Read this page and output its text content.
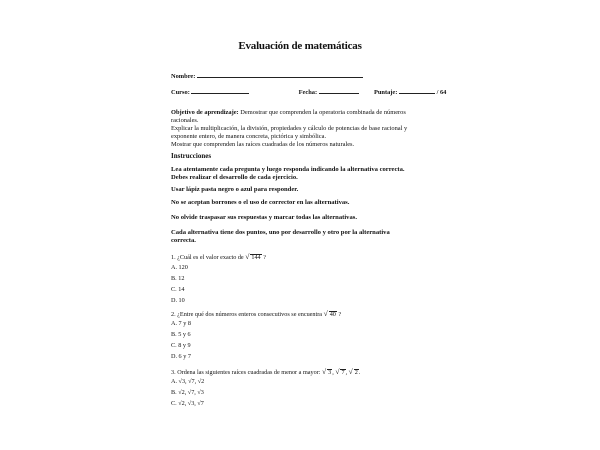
Evaluación de matemáticas
Nombre:
Curso:	Fecha:	Puntaje:	/ 64
Objetivo de aprendizaje: Demostrar que comprenden la operatoria combinada de números
racionales.
Explicar la multiplicación, la división, propiedades y cálculo de potencias de base racional y
exponente entero, de manera concreta, pictórica y simbólica.
Mostrar que comprenden las raíces cuadradas de los números naturales.
Instrucciones
Lea atentamente cada pregunta y luego responda indicando la alternativa correcta.
Debes realizar el desarrollo de cada ejercicio.
Usar lápiz pasta negro o azul para responder.
No se aceptan borrones o el uso de corrector en las alternativas.
No olvide traspasar sus respuestas y marcar todas las alternativas.
Cada alternativa tiene dos puntos, uno por desarrollo y otro por la alternativa
correcta.
1. ¿Cuál es el valor exacto de √ 144 ?
A. 120
B. 12
C. 14
D. 10
2. ¿Entre qué dos números enteros consecutivos se encuentra √ 40 ?
A. 7 y 8
B. 5 y 6
C. 8 y 9
D. 6 y 7
3. Ordena las siguientes raíces cuadradas de menor a mayor: √ 3, √ 7, √ 2.
A. √3, √7, √2
B. √2, √7, √3
C. √2, √3, √7
